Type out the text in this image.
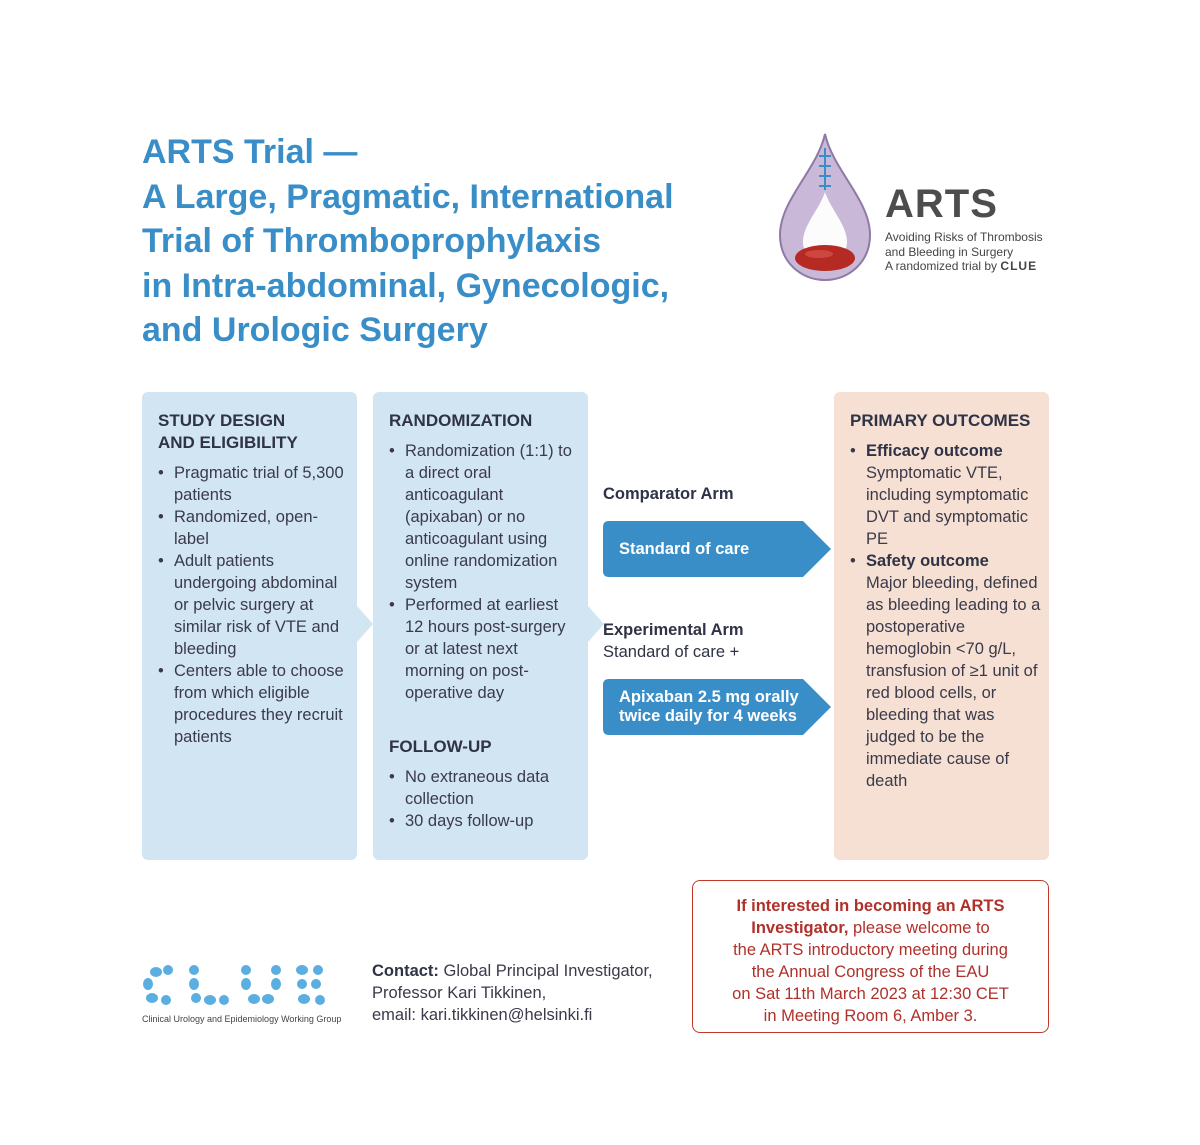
ARTS Trial —
A Large, Pragmatic, International
Trial of Thromboprophylaxis
in Intra-abdominal, Gynecologic,
and Urologic Surgery
ARTS
Avoiding Risks of Thrombosis
and Bleeding in Surgery
A randomized trial by CLUE
STUDY DESIGN
AND ELIGIBILITY
• Pragmatic trial of 5,300 patients
• Randomized, open-label
• Adult patients undergoing abdominal or pelvic surgery at similar risk of VTE and bleeding
• Centers able to choose from which eligible procedures they recruit patients
RANDOMIZATION
• Randomization (1:1) to a direct oral anticoagulant (apixaban) or no anticoagulant using online randomization system
• Performed at earliest 12 hours post-surgery or at latest next morning on post-operative day
FOLLOW-UP
• No extraneous data collection
• 30 days follow-up
Comparator Arm
Standard of care
Experimental Arm
Standard of care +
Apixaban 2.5 mg orally
twice daily for 4 weeks
PRIMARY OUTCOMES
• Efficacy outcome
Symptomatic VTE, including symptomatic DVT and symptomatic PE
• Safety outcome
Major bleeding, defined as bleeding leading to a postoperative hemoglobin <70 g/L, transfusion of ≥1 unit of red blood cells, or bleeding that was judged to be the immediate cause of death
Clinical Urology and Epidemiology Working Group
Contact: Global Principal Investigator,
Professor Kari Tikkinen,
email: kari.tikkinen@helsinki.fi
If interested in becoming an ARTS
Investigator, please welcome to
the ARTS introductory meeting during
the Annual Congress of the EAU
on Sat 11th March 2023 at 12:30 CET
in Meeting Room 6, Amber 3.
